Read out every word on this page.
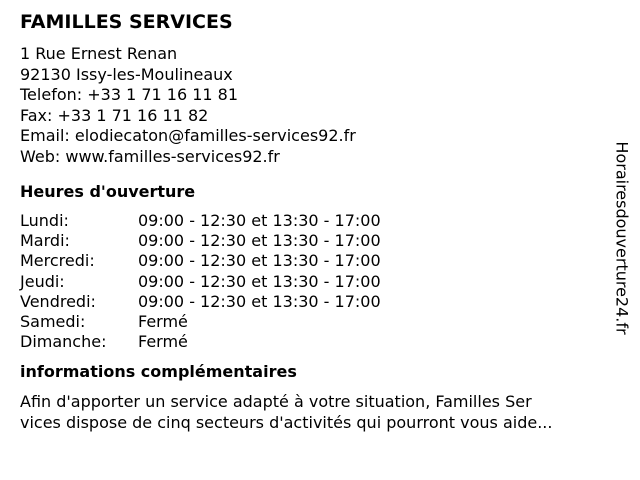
FAMILLES SERVICES
1 Rue Ernest Renan
92130 Issy-les-Moulineaux
Telefon: +33 1 71 16 11 81
Fax: +33 1 71 16 11 82
Email: elodiecaton@familles-services92.fr
Web: www.familles-services92.fr
Heures d'ouverture
Lundi:	09:00 - 12:30 et 13:30 - 17:00
Mardi:	09:00 - 12:30 et 13:30 - 17:00
Mercredi:	09:00 - 12:30 et 13:30 - 17:00
Jeudi:	09:00 - 12:30 et 13:30 - 17:00
Vendredi:	09:00 - 12:30 et 13:30 - 17:00
Samedi:	Fermé
Dimanche:	Fermé
informations complémentaires
Afin d'apporter un service adapté à votre situation, Familles Ser
vices dispose de cinq secteurs d'activités qui pourront vous aide...
Horairesdouverture24.fr
